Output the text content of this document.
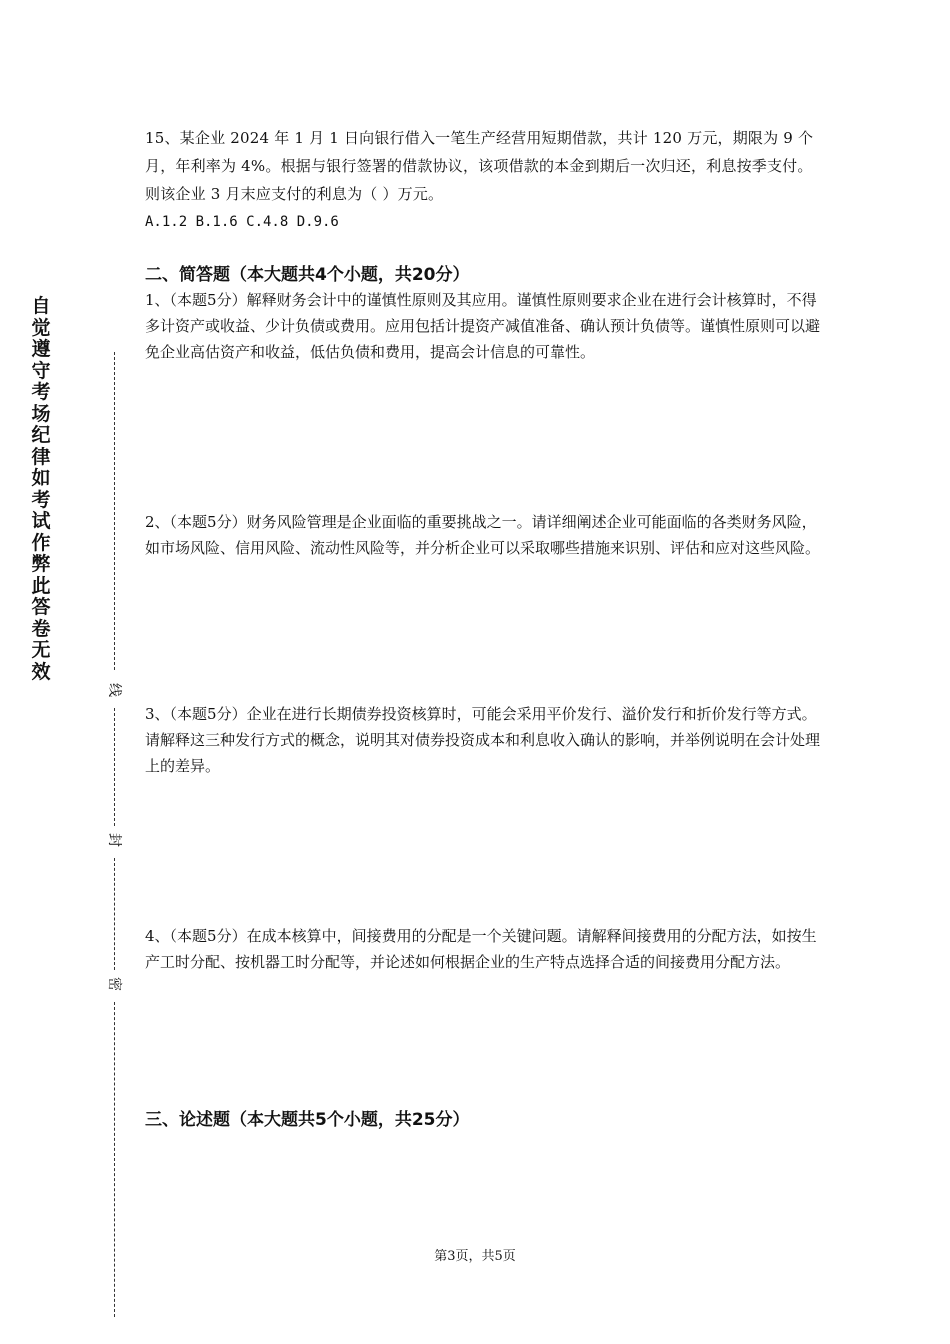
自觉遵守考场纪律如考试作弊此答卷无效
线
封
密

15、某企业 2024 年 1 月 1 日向银行借入一笔生产经营用短期借款，共计 120 万元，期限为 9 个月，年利率为 4%。根据与银行签署的借款协议，该项借款的本金到期后一次归还，利息按季支付。则该企业 3 月末应支付的利息为（ ）万元。

A.1.2 B.1.6 C.4.8 D.9.6

二、简答题（本大题共4个小题，共20分）

1、（本题5分）解释财务会计中的谨慎性原则及其应用。谨慎性原则要求企业在进行会计核算时，不得多计资产或收益、少计负债或费用。应用包括计提资产减值准备、确认预计负债等。谨慎性原则可以避免企业高估资产和收益，低估负债和费用，提高会计信息的可靠性。

2、（本题5分）财务风险管理是企业面临的重要挑战之一。请详细阐述企业可能面临的各类财务风险，如市场风险、信用风险、流动性风险等，并分析企业可以采取哪些措施来识别、评估和应对这些风险。

3、（本题5分）企业在进行长期债券投资核算时，可能会采用平价发行、溢价发行和折价发行等方式。请解释这三种发行方式的概念，说明其对债券投资成本和利息收入确认的影响，并举例说明在会计处理上的差异。

4、（本题5分）在成本核算中，间接费用的分配是一个关键问题。请解释间接费用的分配方法，如按生产工时分配、按机器工时分配等，并论述如何根据企业的生产特点选择合适的间接费用分配方法。

三、论述题（本大题共5个小题，共25分）
第3页，共5页
